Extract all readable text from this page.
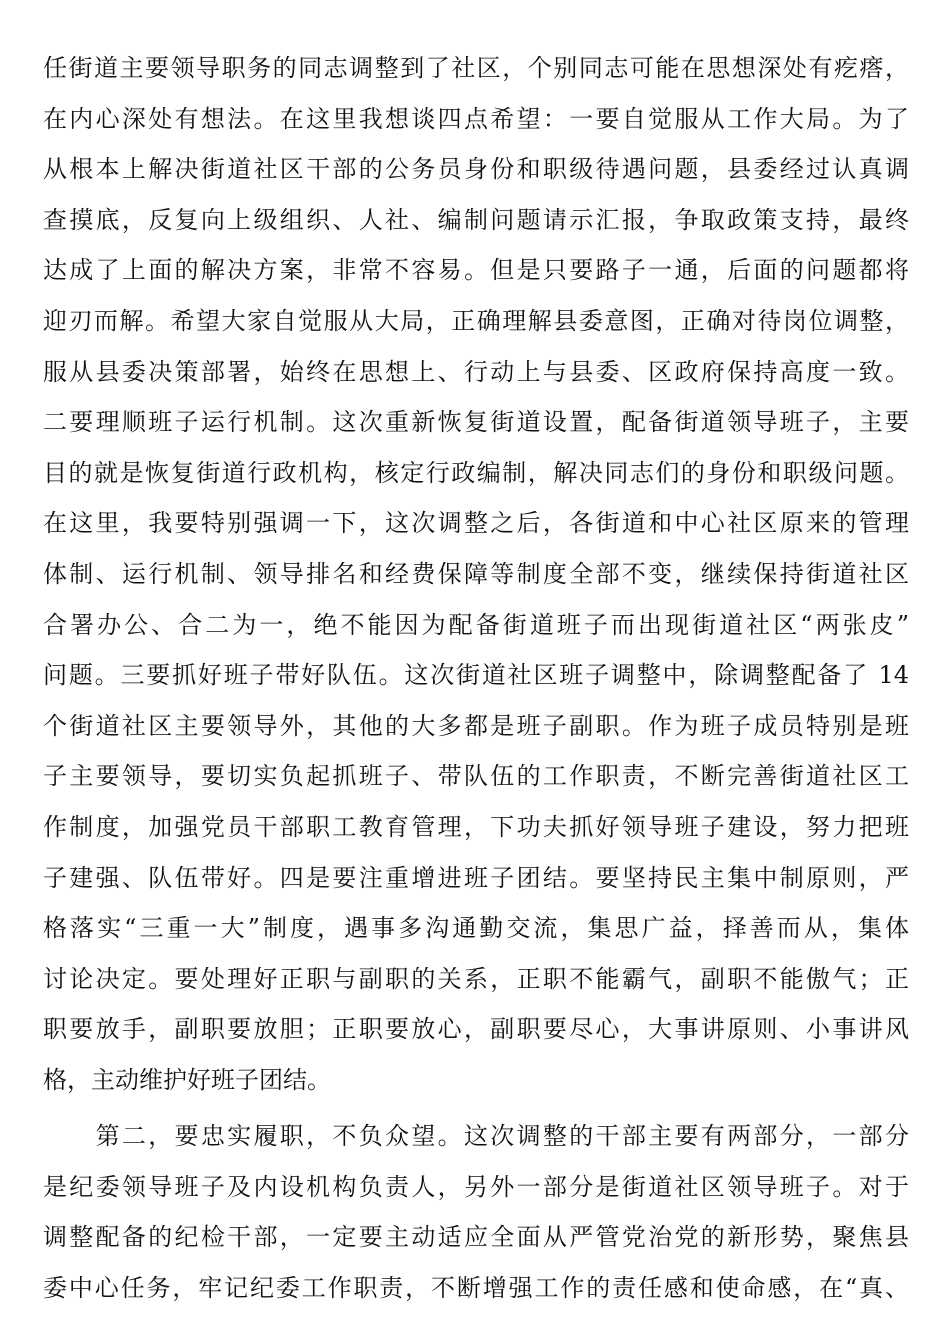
任街道主要领导职务的同志调整到了社区，个别同志可能在思想深处有疙瘩，
在内心深处有想法。在这里我想谈四点希望：一要自觉服从工作大局。为了
从根本上解决街道社区干部的公务员身份和职级待遇问题，县委经过认真调
查摸底，反复向上级组织、人社、编制问题请示汇报，争取政策支持，最终
达成了上面的解决方案，非常不容易。但是只要路子一通，后面的问题都将
迎刃而解。希望大家自觉服从大局，正确理解县委意图，正确对待岗位调整，
服从县委决策部署，始终在思想上、行动上与县委、区政府保持高度一致。
二要理顺班子运行机制。这次重新恢复街道设置，配备街道领导班子，主要
目的就是恢复街道行政机构，核定行政编制，解决同志们的身份和职级问题。
在这里，我要特别强调一下，这次调整之后，各街道和中心社区原来的管理
体制、运行机制、领导排名和经费保障等制度全部不变，继续保持街道社区
合署办公、合二为一，绝不能因为配备街道班子而出现街道社区“两张皮”
问题。三要抓好班子带好队伍。这次街道社区班子调整中，除调整配备了 14
个街道社区主要领导外，其他的大多都是班子副职。作为班子成员特别是班
子主要领导，要切实负起抓班子、带队伍的工作职责，不断完善街道社区工
作制度，加强党员干部职工教育管理，下功夫抓好领导班子建设，努力把班
子建强、队伍带好。四是要注重增进班子团结。要坚持民主集中制原则，严
格落实“三重一大”制度，遇事多沟通勤交流，集思广益，择善而从，集体
讨论决定。要处理好正职与副职的关系，正职不能霸气，副职不能傲气；正
职要放手，副职要放胆；正职要放心，副职要尽心，大事讲原则、小事讲风
格，主动维护好班子团结。
　　第二，要忠实履职，不负众望。这次调整的干部主要有两部分，一部分
是纪委领导班子及内设机构负责人，另外一部分是街道社区领导班子。对于
调整配备的纪检干部，一定要主动适应全面从严管党治党的新形势，聚焦县
委中心任务，牢记纪委工作职责，不断增强工作的责任感和使命感，在“真、
